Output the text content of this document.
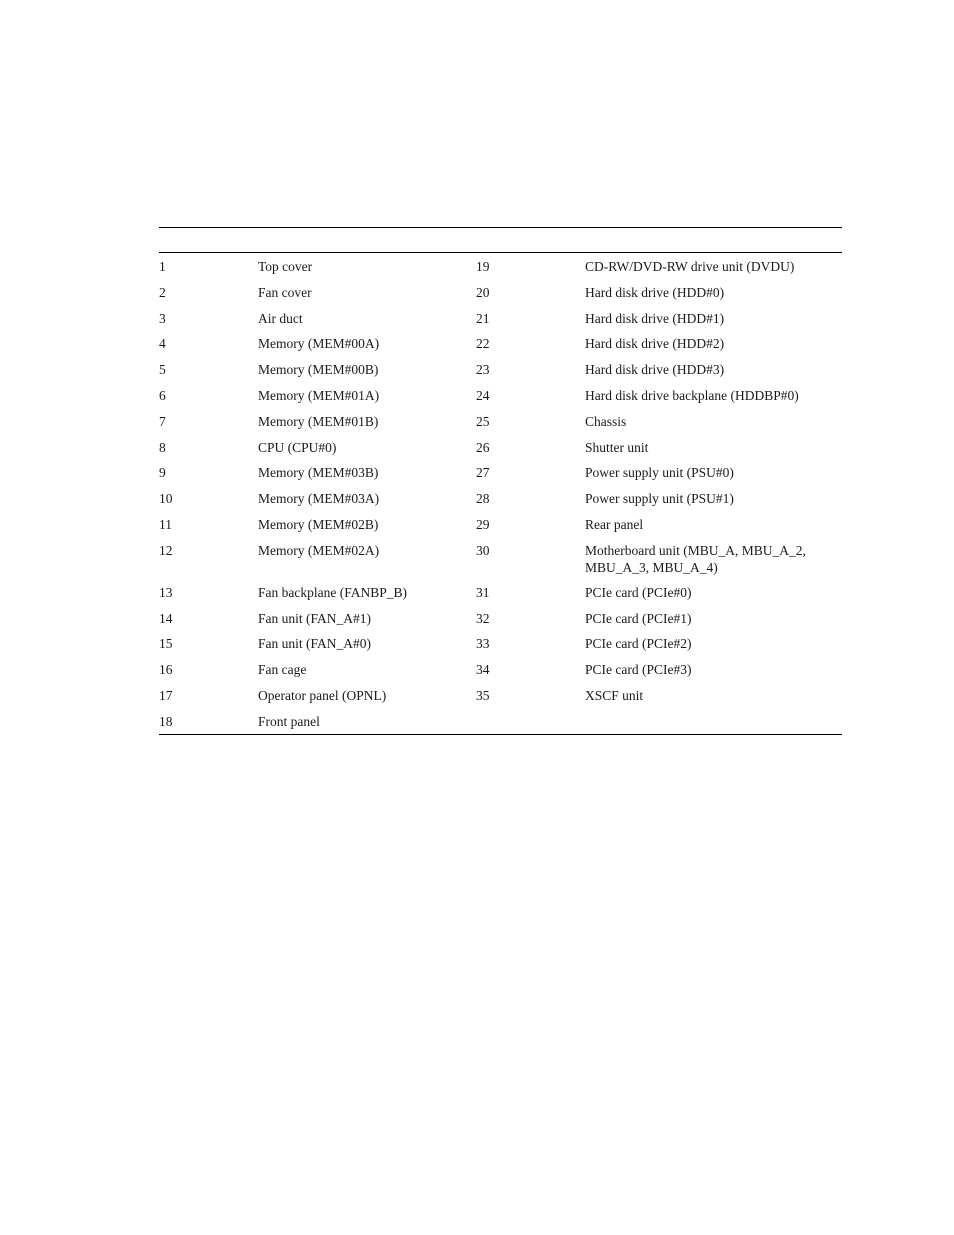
1	Top cover	19	CD-RW/DVD-RW drive unit (DVDU)
2	Fan cover	20	Hard disk drive (HDD#0)
3	Air duct	21	Hard disk drive (HDD#1)
4	Memory (MEM#00A)	22	Hard disk drive (HDD#2)
5	Memory (MEM#00B)	23	Hard disk drive (HDD#3)
6	Memory (MEM#01A)	24	Hard disk drive backplane (HDDBP#0)
7	Memory (MEM#01B)	25	Chassis
8	CPU (CPU#0)	26	Shutter unit
9	Memory (MEM#03B)	27	Power supply unit (PSU#0)
10	Memory (MEM#03A)	28	Power supply unit (PSU#1)
11	Memory (MEM#02B)	29	Rear panel
12	Memory (MEM#02A)	30	Motherboard unit (MBU_A, MBU_A_2, MBU_A_3, MBU_A_4)
13	Fan backplane (FANBP_B)	31	PCIe card (PCIe#0)
14	Fan unit (FAN_A#1)	32	PCIe card (PCIe#1)
15	Fan unit (FAN_A#0)	33	PCIe card (PCIe#2)
16	Fan cage	34	PCIe card (PCIe#3)
17	Operator panel (OPNL)	35	XSCF unit
18	Front panel		
